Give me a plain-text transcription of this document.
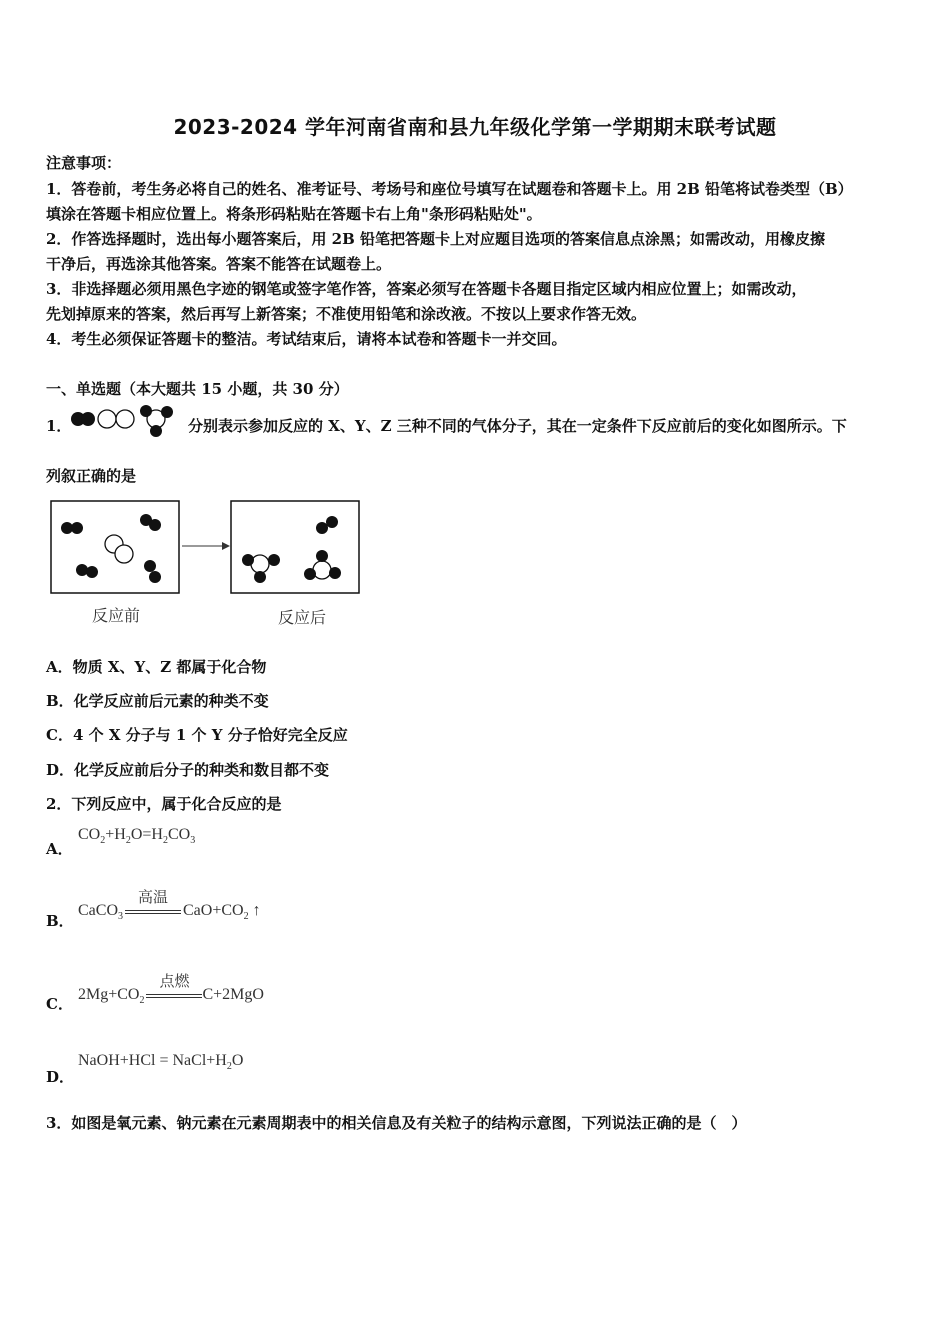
2023-2024 学年河南省南和县九年级化学第一学期期末联考试题
注意事项：
1．答卷前，考生务必将自己的姓名、准考证号、考场号和座位号填写在试题卷和答题卡上。用 2B 铅笔将试卷类型（B）
填涂在答题卡相应位置上。将条形码粘贴在答题卡右上角"条形码粘贴处"。
2．作答选择题时，选出每小题答案后，用 2B 铅笔把答题卡上对应题目选项的答案信息点涂黑；如需改动，用橡皮擦
干净后，再选涂其他答案。答案不能答在试题卷上。
3．非选择题必须用黑色字迹的钢笔或签字笔作答，答案必须写在答题卡各题目指定区域内相应位置上；如需改动，
先划掉原来的答案，然后再写上新答案；不准使用铅笔和涂改液。不按以上要求作答无效。
4．考生必须保证答题卡的整洁。考试结束后，请将本试卷和答题卡一并交回。
一、单选题（本大题共 15 小题，共 30 分）
1．	分别表示参加反应的 X、Y、Z 三种不同的气体分子，其在一定条件下反应前后的变化如图所示。下
列叙正确的是
反应前	反应后
A．物质 X、Y、Z 都属于化合物
B．化学反应前后元素的种类不变
C．4 个 X 分子与 1 个 Y 分子恰好完全反应
D．化学反应前后分子的种类和数目都不变
2．下列反应中，属于化合反应的是
A．
$CO_2+H_2O=H_2CO_3$
B．
CaCO$_3$
高温
$CaO+CO_2$ ↑
C．
$2Mg+CO_2$
点燃
C+2MgO
D．
NaOH+HCl = $NaCl+H_2O$
3．如图是氧元素、钠元素在元素周期表中的相关信息及有关粒子的结构示意图，下列说法正确的是（　）
